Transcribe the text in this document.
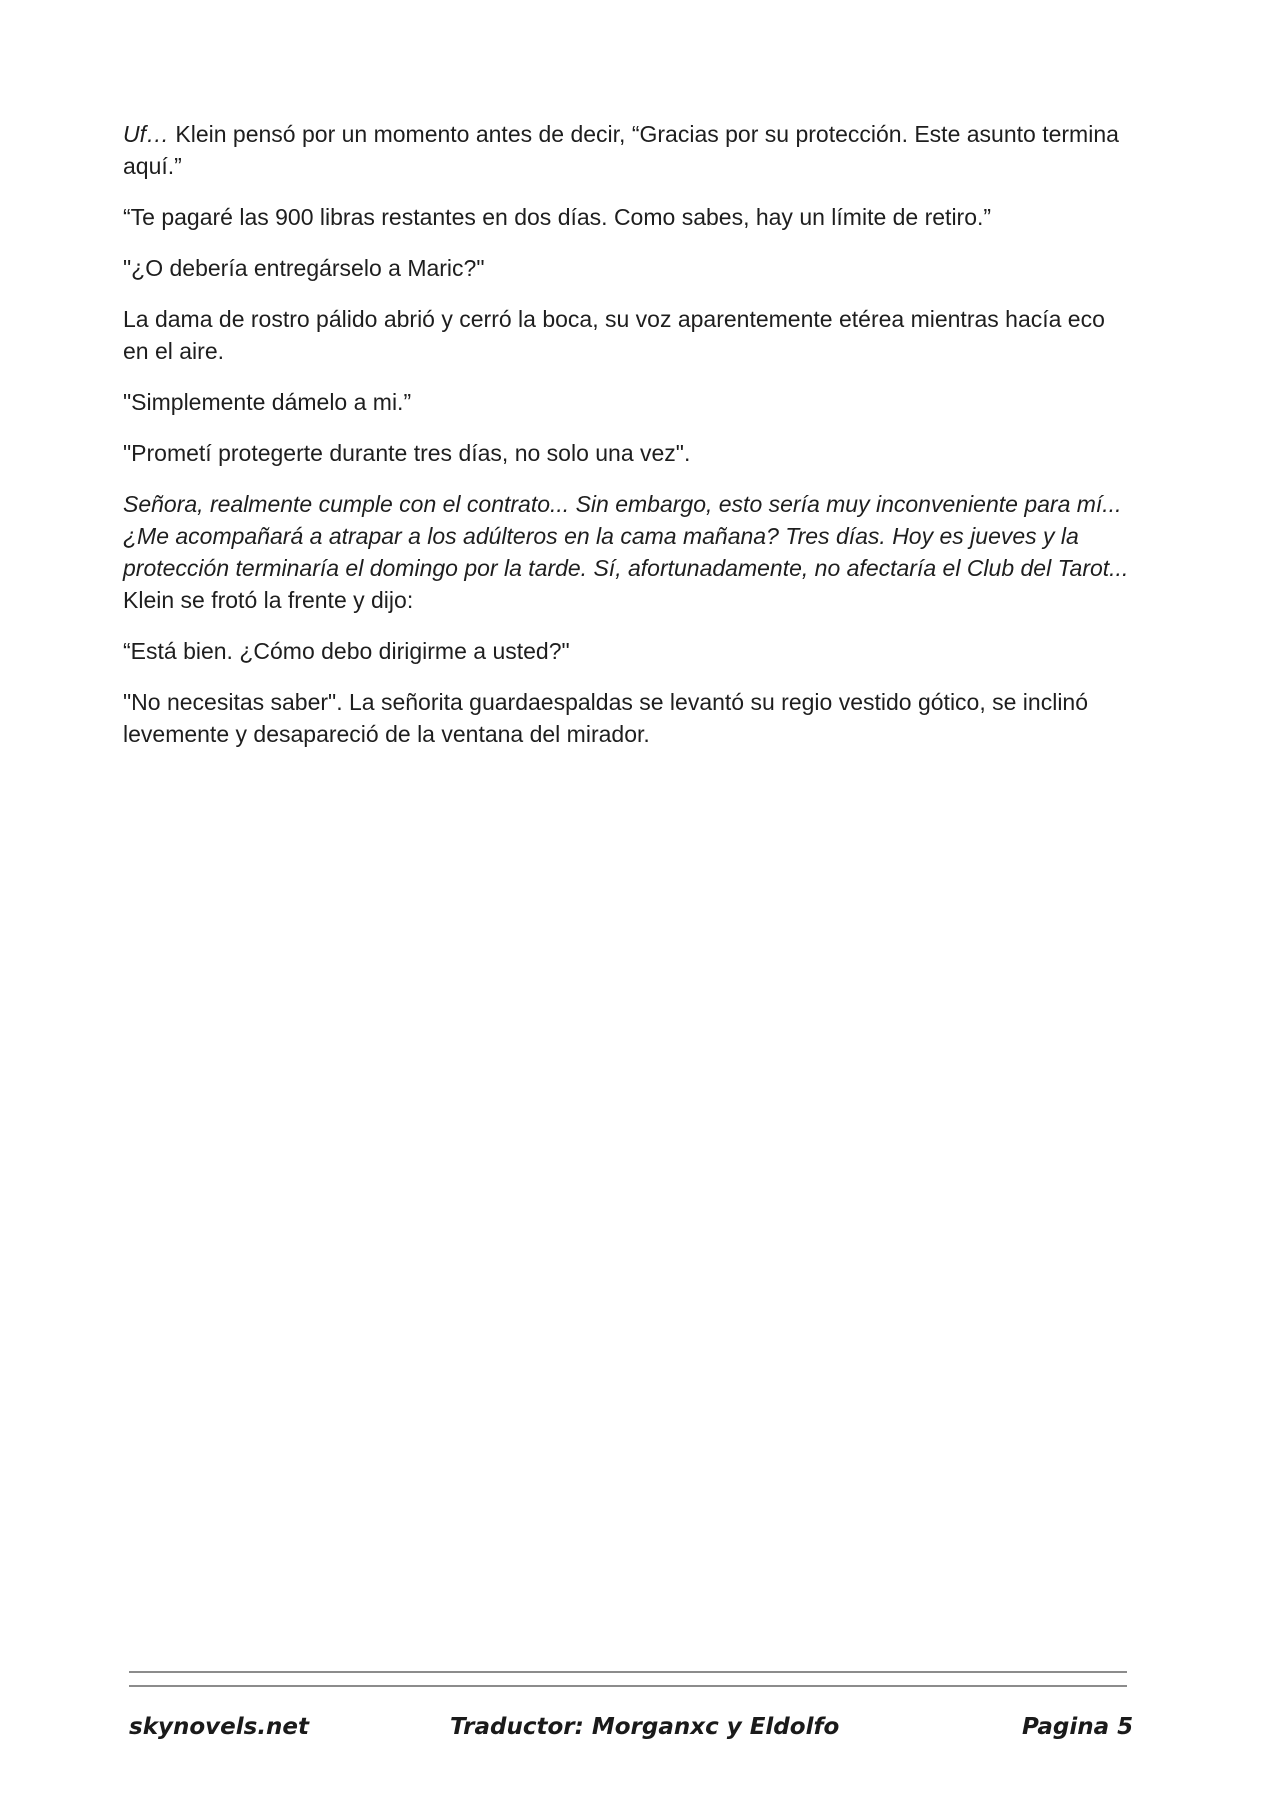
Uf… Klein pensó por un momento antes de decir, “Gracias por su protección. Este asunto termina aquí.”

“Te pagaré las 900 libras restantes en dos días. Como sabes, hay un límite de retiro.”

"¿O debería entregárselo a Maric?"

La dama de rostro pálido abrió y cerró la boca, su voz aparentemente etérea mientras hacía eco en el aire.

"Simplemente dámelo a mi.”

"Prometí protegerte durante tres días, no solo una vez".

Señora, realmente cumple con el contrato... Sin embargo, esto sería muy inconveniente para mí... ¿Me acompañará a atrapar a los adúlteros en la cama mañana? Tres días. Hoy es jueves y la protección terminaría el domingo por la tarde. Sí, afortunadamente, no afectaría el Club del Tarot... Klein se frotó la frente y dijo:

“Está bien. ¿Cómo debo dirigirme a usted?"

"No necesitas saber". La señorita guardaespaldas se levantó su regio vestido gótico, se inclinó levemente y desapareció de la ventana del mirador.

skynovels.net	Traductor: Morganxc y Eldolfo	Pagina 5
